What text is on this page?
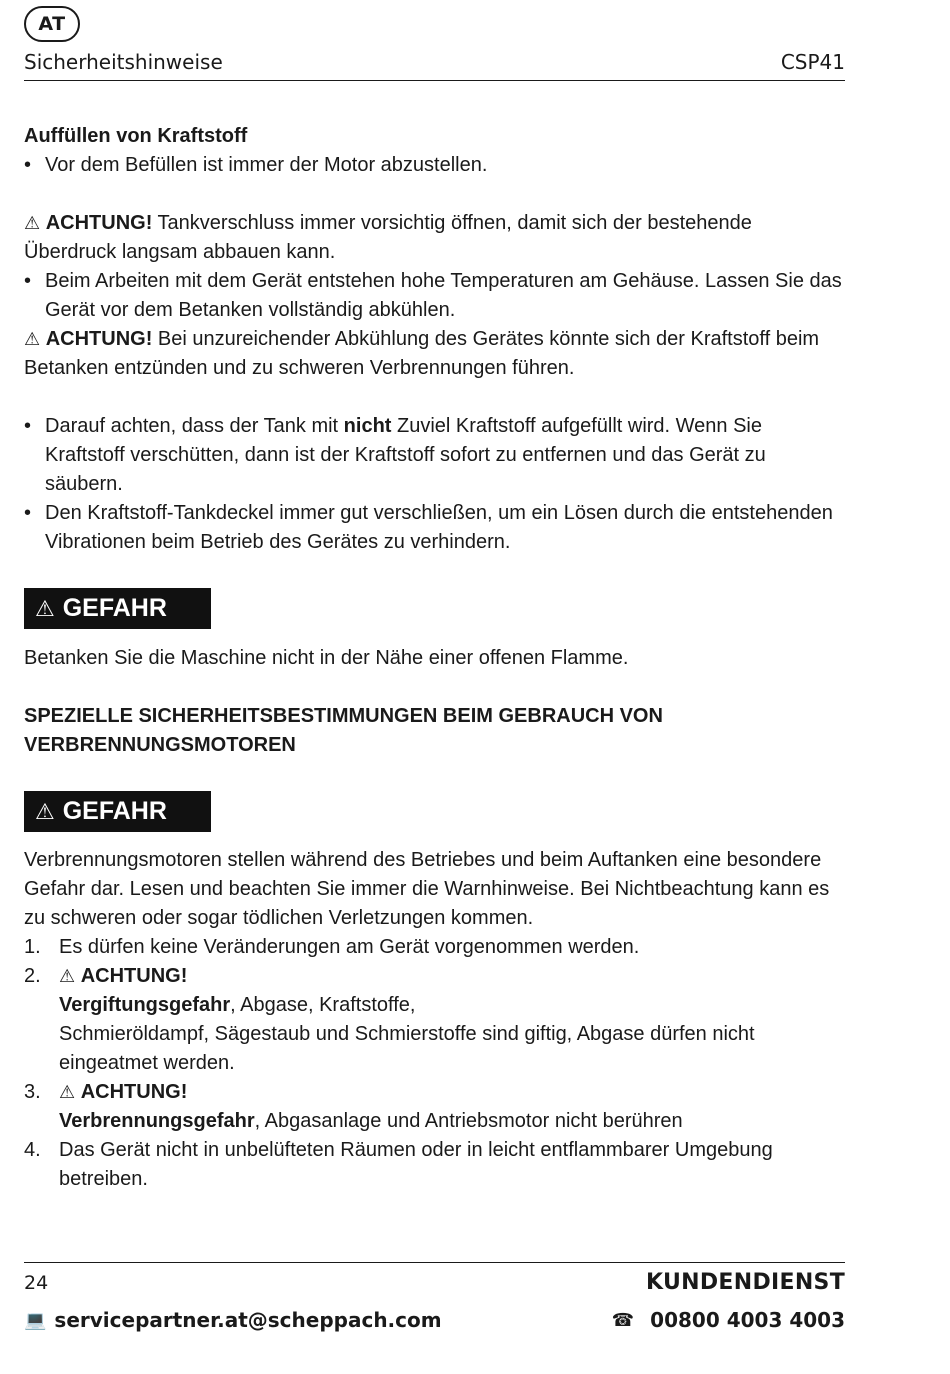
AT
Sicherheitshinweise	CSP41

Auffüllen von Kraftstoff

• Vor dem Befüllen ist immer der Motor abzustellen.

⚠ ACHTUNG! Tankverschluss immer vorsichtig öffnen, damit sich der bestehende Überdruck langsam abbauen kann.

• Beim Arbeiten mit dem Gerät entstehen hohe Temperaturen am Gehäuse. Lassen Sie das Gerät vor dem Betanken vollständig abkühlen.

⚠ ACHTUNG! Bei unzureichender Abkühlung des Gerätes könnte sich der Kraftstoff beim Betanken entzünden und zu schweren Verbrennungen führen.

• Darauf achten, dass der Tank mit nicht Zuviel Kraftstoff aufgefüllt wird. Wenn Sie Kraftstoff verschütten, dann ist der Kraftstoff sofort zu entfernen und das Gerät zu säubern.

• Den Kraftstoff-Tankdeckel immer gut verschließen, um ein Lösen durch die entstehenden Vibrationen beim Betrieb des Gerätes zu verhindern.

⚠ GEFAHR
Betanken Sie die Maschine nicht in der Nähe einer offenen Flamme.
SPEZIELLE SICHERHEITSBESTIMMUNGEN BEIM GEBRAUCH VON VERBRENNUNGSMOTOREN
⚠ GEFAHR

Verbrennungsmotoren stellen während des Betriebes und beim Auftanken eine besondere Gefahr dar. Lesen und beachten Sie immer die Warnhinweise. Bei Nichtbeachtung kann es zu schweren oder sogar tödlichen Verletzungen kommen.

1. Es dürfen keine Veränderungen am Gerät vorgenommen werden.

2. ⚠ ACHTUNG!
Vergiftungsgefahr, Abgase, Kraftstoffe,
Schmieröldampf, Sägestaub und Schmierstoffe sind giftig, Abgase dürfen nicht eingeatmet werden.

3. ⚠ ACHTUNG!
Verbrennungsgefahr, Abgasanlage und Antriebsmotor nicht berühren

4. Das Gerät nicht in unbelüfteten Räumen oder in leicht entflammbarer Umgebung betreiben.

24	KUNDENDIENST
💻 servicepartner.at@scheppach.com	☎ 00800 4003 4003
